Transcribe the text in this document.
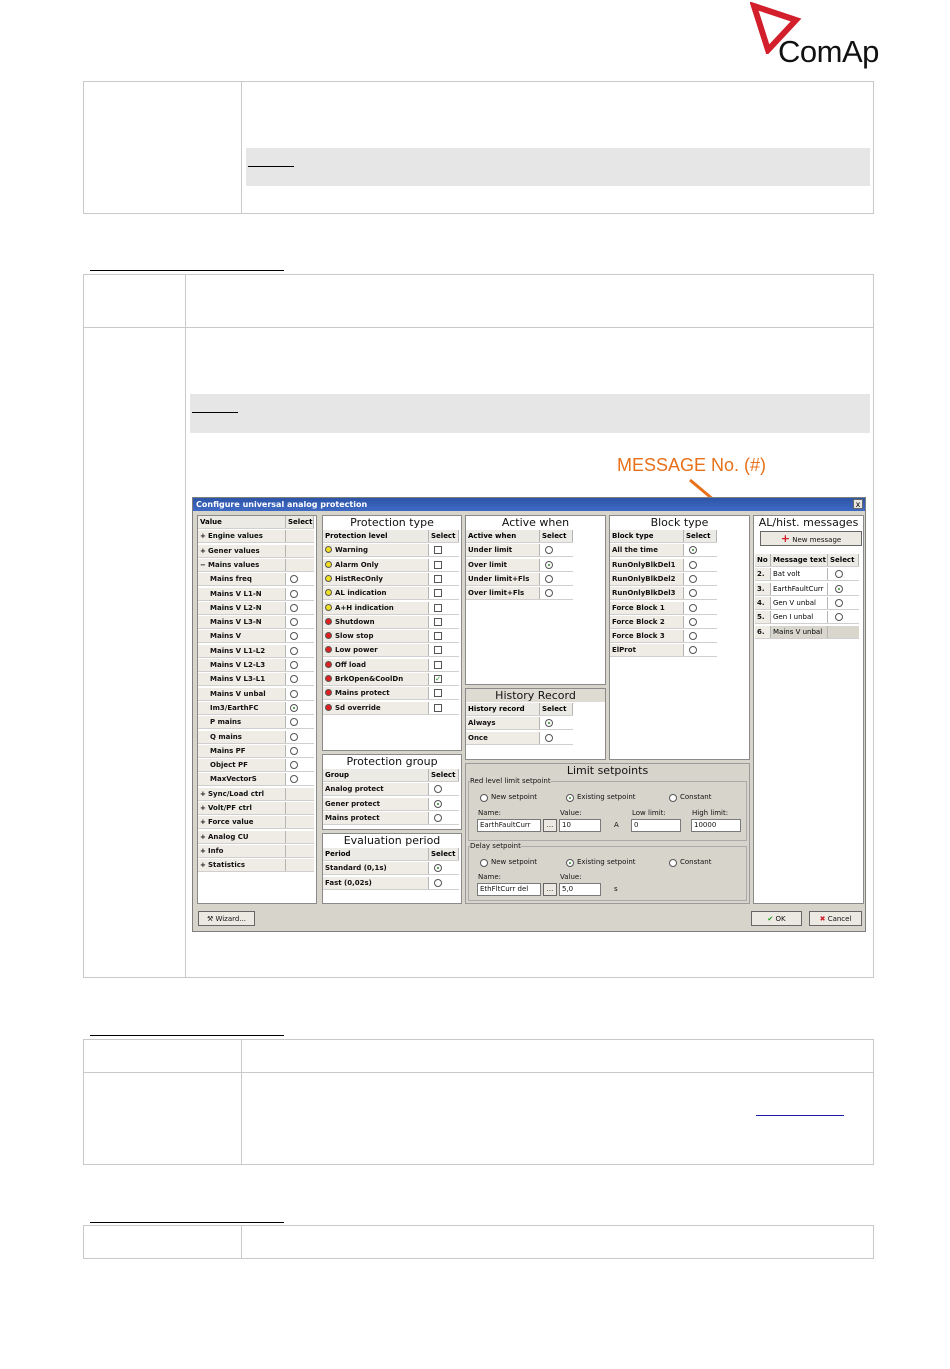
ComAp
MESSAGE No. (#)
Configure universal analog protection	x
Value	Select
+ Engine values
+ Gener values
− Mains values
Mains freq
Mains V L1-N
Mains V L2-N
Mains V L3-N
Mains V
Mains V L1-L2
Mains V L2-L3
Mains V L3-L1
Mains V unbal
Im3/EarthFC
P mains
Q mains
Mains PF
Object PF
MaxVectorS
+ Sync/Load ctrl
+ Volt/PF ctrl
+ Force value
+ Analog CU
+ Info
+ Statistics
Protection type
Protection level	Select
Warning
Alarm Only
HistRecOnly
AL indication
A+H indication
Shutdown
Slow stop
Low power
Off load
BrkOpen&CoolDn	✓
Mains protect
Sd override
Protection group
Group	Select
Analog protect
Gener protect
Mains protect
Evaluation period
Period	Select
Standard (0,1s)
Fast (0,02s)
Active when
Active when	Select
Under limit
Over limit
Under limit+Fls
Over limit+Fls
History Record
History record	Select
Always
Once
Block type
Block type	Select
All the time
RunOnlyBlkDel1
RunOnlyBlkDel2
RunOnlyBlkDel3
Force Block 1
Force Block 2
Force Block 3
ElProt
Limit setpoints
Red level limit setpoint
New setpoint	Existing setpoint	Constant
Name:
EarthFaultCurr	...
Value:
10	A
Low limit:
0
High limit:
10000
Delay setpoint
New setpoint	Existing setpoint	Constant
Name:
EthFltCurr del	...
Value:
5,0	s
AL/hist. messages
+ New message
No Message text Select
2.	Bat volt
3.	EarthFaultCurr
4.	Gen V unbal
5.	Gen I unbal
6.	Mains V unbal
⚒ Wizard...	✔ OK	✖ Cancel
